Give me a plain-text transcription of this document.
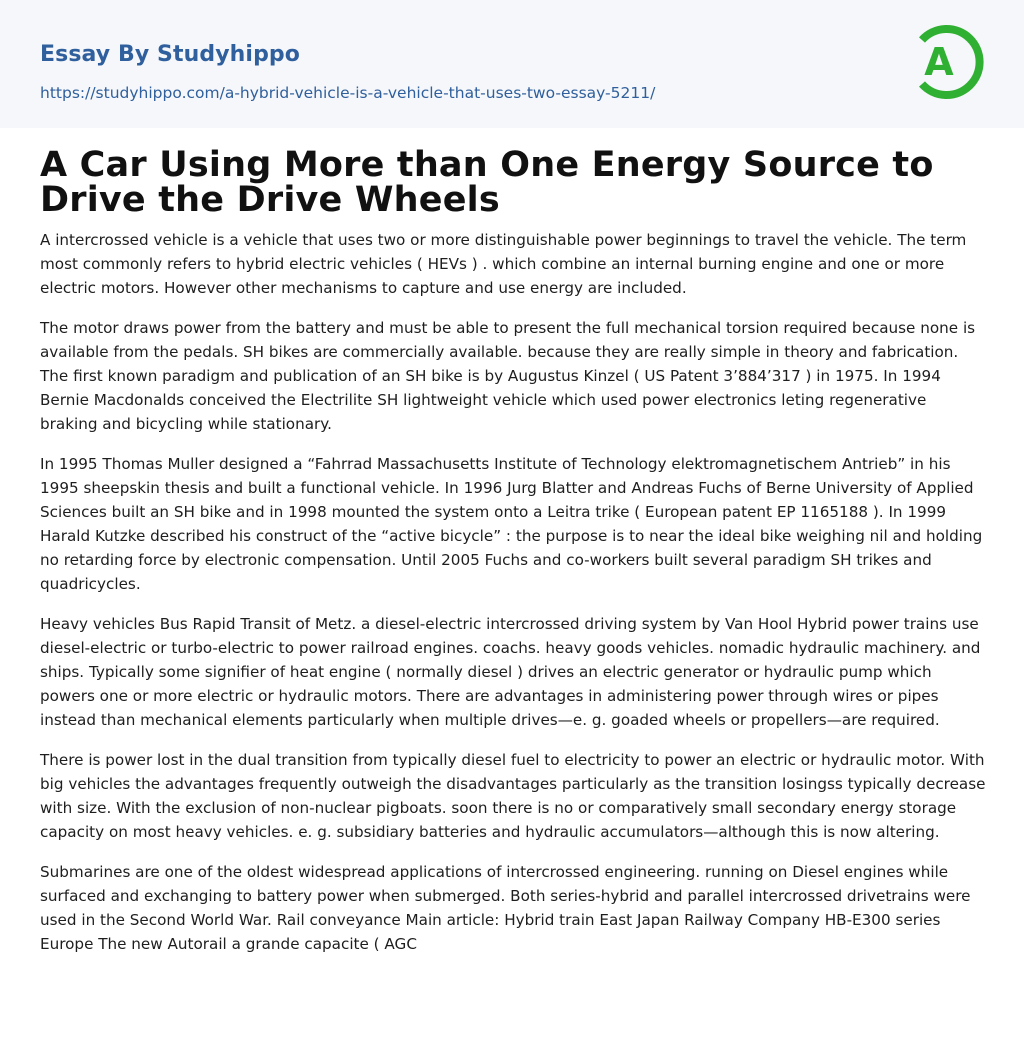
Essay By Studyhippo
https://studyhippo.com/a-hybrid-vehicle-is-a-vehicle-that-uses-two-essay-5211/
A
A Car Using More than One Energy Source to Drive the Drive Wheels

A intercrossed vehicle is a vehicle that uses two or more distinguishable power beginnings to travel the vehicle. The term most commonly refers to hybrid electric vehicles ( HEVs ) . which combine an internal burning engine and one or more electric motors. However other mechanisms to capture and use energy are included.

The motor draws power from the battery and must be able to present the full mechanical torsion required because none is available from the pedals. SH bikes are commercially available. because they are really simple in theory and fabrication. The first known paradigm and publication of an SH bike is by Augustus Kinzel ( US Patent 3’884’317 ) in 1975. In 1994 Bernie Macdonalds conceived the Electrilite SH lightweight vehicle which used power electronics leting regenerative braking and bicycling while stationary.

In 1995 Thomas Muller designed a “Fahrrad Massachusetts Institute of Technology elektromagnetischem Antrieb” in his 1995 sheepskin thesis and built a functional vehicle. In 1996 Jurg Blatter and Andreas Fuchs of Berne University of Applied Sciences built an SH bike and in 1998 mounted the system onto a Leitra trike ( European patent EP 1165188 ). In 1999 Harald Kutzke described his construct of the “active bicycle” : the purpose is to near the ideal bike weighing nil and holding no retarding force by electronic compensation. Until 2005 Fuchs and co-workers built several paradigm SH trikes and quadricycles.

Heavy vehicles Bus Rapid Transit of Metz. a diesel-electric intercrossed driving system by Van Hool Hybrid power trains use diesel-electric or turbo-electric to power railroad engines. coachs. heavy goods vehicles. nomadic hydraulic machinery. and ships. Typically some signifier of heat engine ( normally diesel ) drives an electric generator or hydraulic pump which powers one or more electric or hydraulic motors. There are advantages in administering power through wires or pipes instead than mechanical elements particularly when multiple drives—e. g. goaded wheels or propellers—are required.

There is power lost in the dual transition from typically diesel fuel to electricity to power an electric or hydraulic motor. With big vehicles the advantages frequently outweigh the disadvantages particularly as the transition losingss typically decrease with size. With the exclusion of non-nuclear pigboats. soon there is no or comparatively small secondary energy storage capacity on most heavy vehicles. e. g. subsidiary batteries and hydraulic accumulators—although this is now altering.

Submarines are one of the oldest widespread applications of intercrossed engineering. running on Diesel engines while surfaced and exchanging to battery power when submerged. Both series-hybrid and parallel intercrossed drivetrains were used in the Second World War. Rail conveyance Main article: Hybrid train East Japan Railway Company HB-E300 series Europe The new Autorail a grande capacite ( AGC
